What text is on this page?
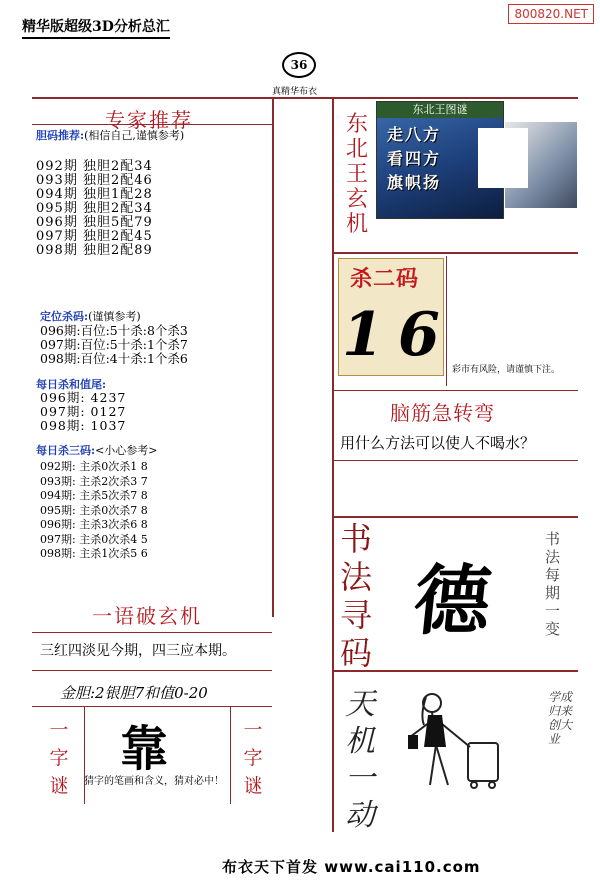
精华版超级3D分析总汇
800820.NET
36
真精华布衣
专家推荐
胆码推荐:(相信自己,谨慎参考)
092期 独胆2配34
093期 独胆2配46
094期 独胆1配28
095期 独胆2配34
096期 独胆5配79
097期 独胆2配45
098期 独胆2配89
定位杀码:(谨慎参考)
096期:百位:5十杀:8个杀3
097期:百位:5十杀:1个杀7
098期:百位:4十杀:1个杀6
每日杀和值尾:
096期: 4237
097期: 0127
098期: 1037
每日杀三码:<小心参考>
092期: 主杀0次杀1 8
093期: 主杀2次杀3 7
094期: 主杀5次杀7 8
095期: 主杀0次杀7 8
096期: 主杀3次杀6 8
097期: 主杀0次杀4 5
098期: 主杀1次杀5 6
东北王玄机
东北王图谜
走八方
看四方
旗帜扬
杀二码
1 6 彩市有风险，请谨慎下注。
脑筋急转弯
用什么方法可以使人不喝水？
书法寻码
德
书法每期一变
一语破玄机
三红四淡见今期，四三应本期。
金胆:2银胆7和值0-20
一字谜
靠	一字谜
猜字的笔画和含义，猜对必中！
天机一动
学成归来创大业
布衣天下首发 www.cai110.com
